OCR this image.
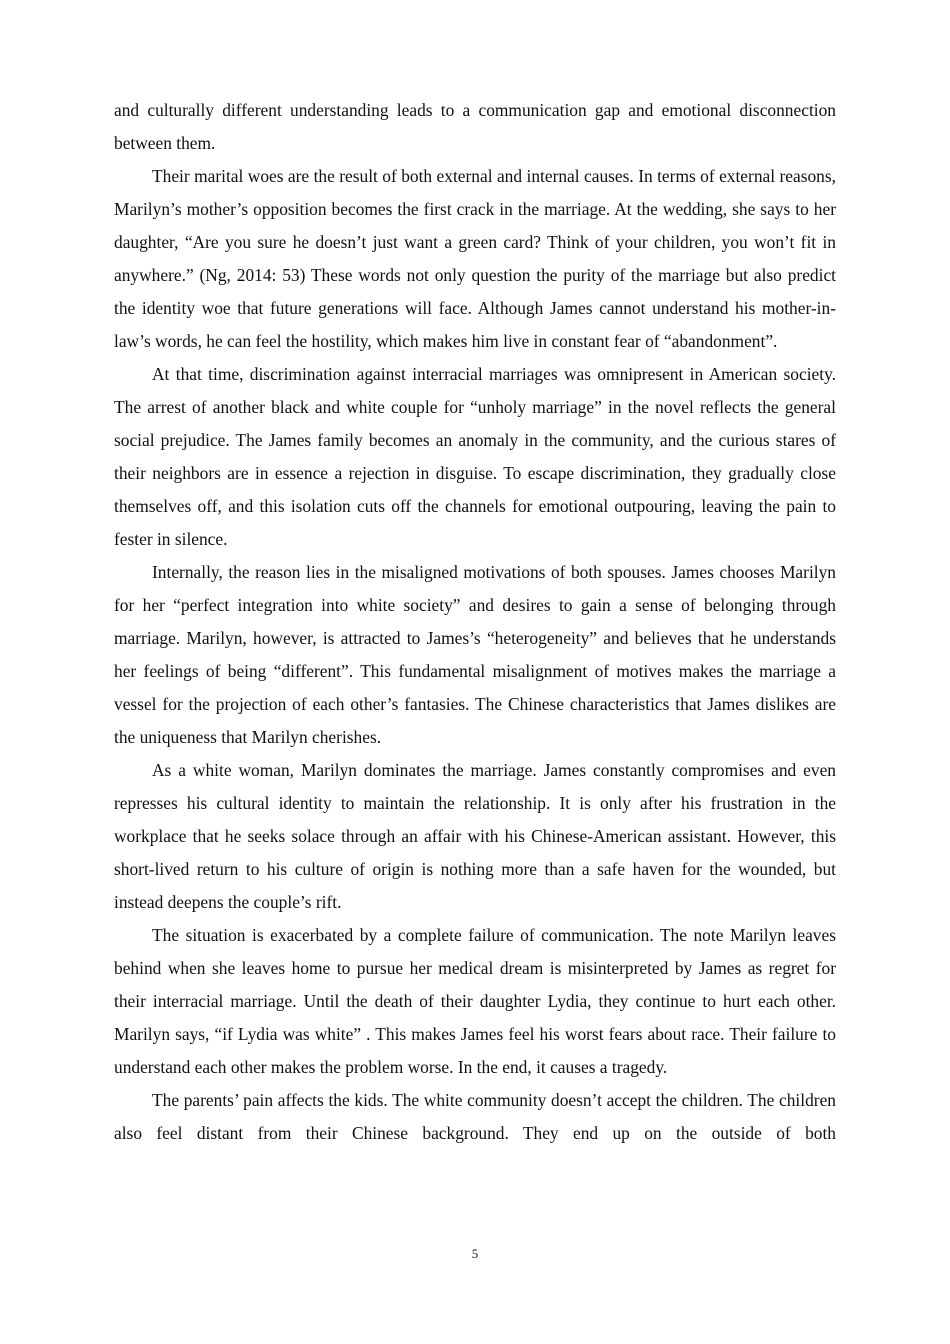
and culturally different understanding leads to a communication gap and emotional disconnection between them.

Their marital woes are the result of both external and internal causes. In terms of external reasons, Marilyn’s mother’s opposition becomes the first crack in the marriage. At the wedding, she says to her daughter, “Are you sure he doesn’t just want a green card? Think of your children, you won’t fit in anywhere.” (Ng, 2014: 53) These words not only question the purity of the marriage but also predict the identity woe that future generations will face. Although James cannot understand his mother-in-law’s words, he can feel the hostility, which makes him live in constant fear of “abandonment”.

At that time, discrimination against interracial marriages was omnipresent in American society. The arrest of another black and white couple for “unholy marriage” in the novel reflects the general social prejudice. The James family becomes an anomaly in the community, and the curious stares of their neighbors are in essence a rejection in disguise. To escape discrimination, they gradually close themselves off, and this isolation cuts off the channels for emotional outpouring, leaving the pain to fester in silence.

Internally, the reason lies in the misaligned motivations of both spouses. James chooses Marilyn for her “perfect integration into white society” and desires to gain a sense of belonging through marriage. Marilyn, however, is attracted to James’s “heterogeneity” and believes that he understands her feelings of being “different”. This fundamental misalignment of motives makes the marriage a vessel for the projection of each other’s fantasies. The Chinese characteristics that James dislikes are the uniqueness that Marilyn cherishes.

As a white woman, Marilyn dominates the marriage. James constantly compromises and even represses his cultural identity to maintain the relationship. It is only after his frustration in the workplace that he seeks solace through an affair with his Chinese-American assistant. However, this short-lived return to his culture of origin is nothing more than a safe haven for the wounded, but instead deepens the couple’s rift.

The situation is exacerbated by a complete failure of communication. The note Marilyn leaves behind when she leaves home to pursue her medical dream is misinterpreted by James as regret for their interracial marriage. Until the death of their daughter Lydia, they continue to hurt each other. Marilyn says, “if Lydia was white” . This makes James feel his worst fears about race. Their failure to understand each other makes the problem worse. In the end, it causes a tragedy.

The parents’ pain affects the kids. The white community doesn’t accept the children. The children also feel distant from their Chinese background. They end up on the outside of both

5
